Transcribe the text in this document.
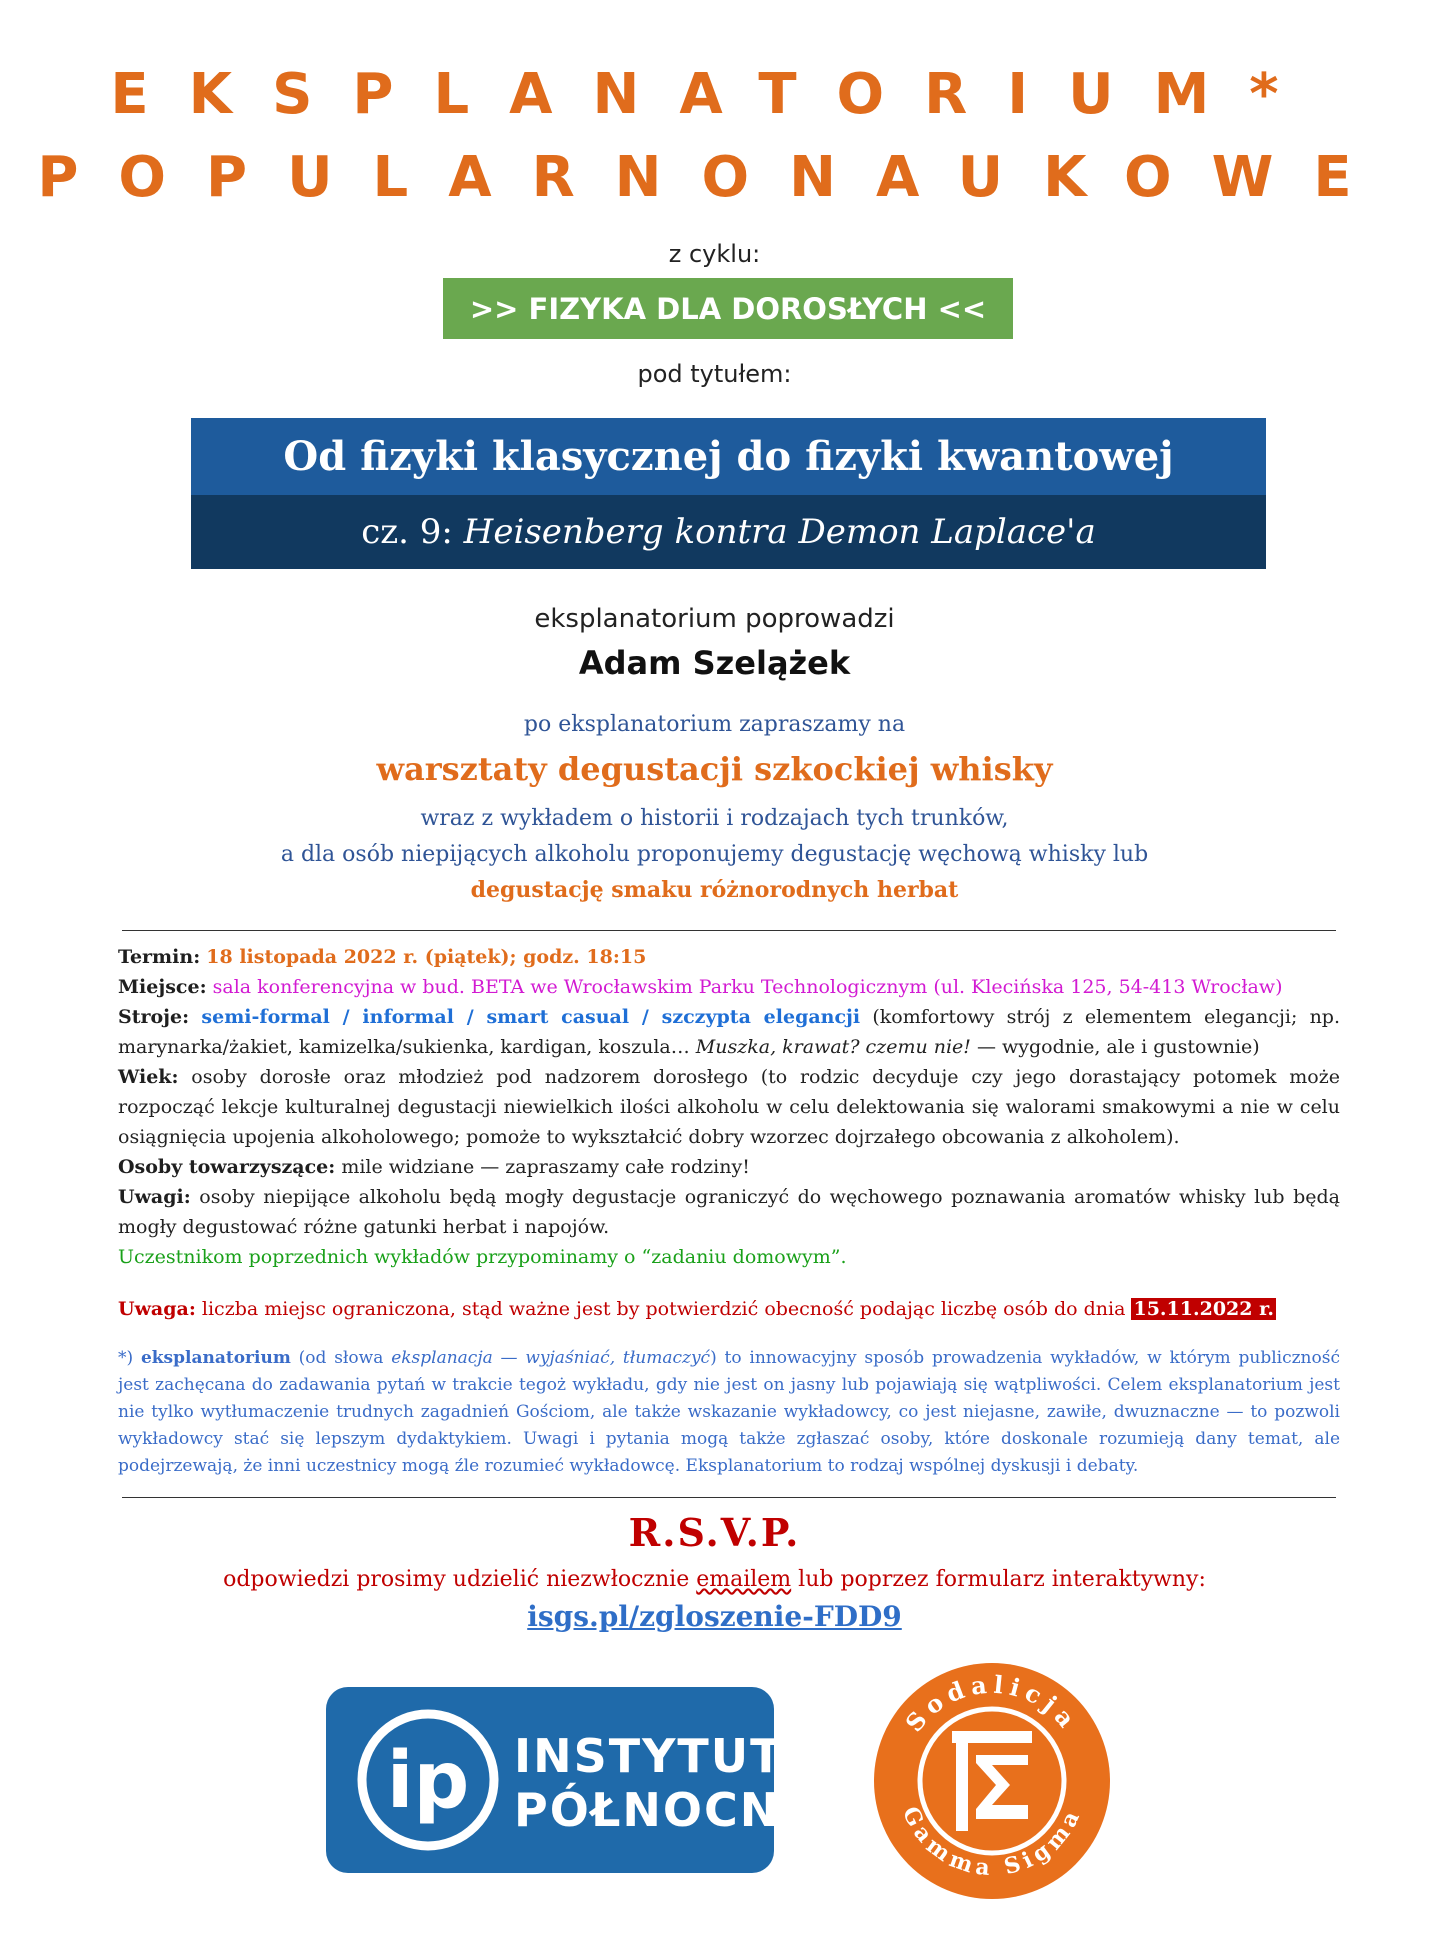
EKSPLANATORIUM*
POPULARNONAUKOWE
z cyklu:
>> FIZYKA DLA DOROSŁYCH <<
pod tytułem:
Od fizyki klasycznej do fizyki kwantowej
cz. 9: Heisenberg kontra Demon Laplace'a
eksplanatorium poprowadzi
Adam Szelążek
po eksplanatorium zapraszamy na
warsztaty degustacji szkockiej whisky
wraz z wykładem o historii i rodzajach tych trunków,
a dla osób niepijących alkoholu proponujemy degustację węchową whisky lub
degustację smaku różnorodnych herbat

Termin: 18 listopada 2022 r. (piątek); godz. 18:15

Miejsce: sala konferencyjna w bud. BETA we Wrocławskim Parku Technologicznym (ul. Klecińska 125, 54-413 Wrocław)

Stroje: semi-formal / informal / smart casual / szczypta elegancji (komfortowy strój z elementem elegancji; np. marynarka/żakiet, kamizelka/sukienka, kardigan, koszula… Muszka, krawat? czemu nie! — wygodnie, ale i gustownie)

Wiek: osoby dorosłe oraz młodzież pod nadzorem dorosłego (to rodzic decyduje czy jego dorastający potomek może rozpocząć lekcje kulturalnej degustacji niewielkich ilości alkoholu w celu delektowania się walorami smakowymi a nie w celu osiągnięcia upojenia alkoholowego; pomoże to wykształcić dobry wzorzec dojrzałego obcowania z alkoholem).

Osoby towarzyszące: mile widziane — zapraszamy całe rodziny!

Uwagi: osoby niepijące alkoholu będą mogły degustacje ograniczyć do węchowego poznawania aromatów whisky lub będą mogły degustować różne gatunki herbat i napojów.

Uczestnikom poprzednich wykładów przypominamy o “zadaniu domowym”.

Uwaga: liczba miejsc ograniczona, stąd ważne jest by potwierdzić obecność podając liczbę osób do dnia 15.11.2022 r.

*) eksplanatorium (od słowa eksplanacja — wyjaśniać, tłumaczyć) to innowacyjny sposób prowadzenia wykładów, w którym publiczność jest zachęcana do zadawania pytań w trakcie tegoż wykładu, gdy nie jest on jasny lub pojawiają się wątpliwości. Celem eksplanatorium jest nie tylko wytłumaczenie trudnych zagadnień Gościom, ale także wskazanie wykładowcy, co jest niejasne, zawiłe, dwuznaczne — to pozwoli wykładowcy stać się lepszym dydaktykiem. Uwagi i pytania mogą także zgłaszać osoby, które doskonale rozumieją dany temat, ale podejrzewają, że inni uczestnicy mogą źle rozumieć wykładowcę. Eksplanatorium to rodzaj wspólnej dyskusji i debaty.

R.S.V.P.
odpowiedzi prosimy udzielić niezwłocznie emailem lub poprzez formularz interaktywny:
isgs.pl/zgloszenie-FDD9
ip INSTYTUT
PÓŁNOCNY
Sodalicja
Gamma Sigma
